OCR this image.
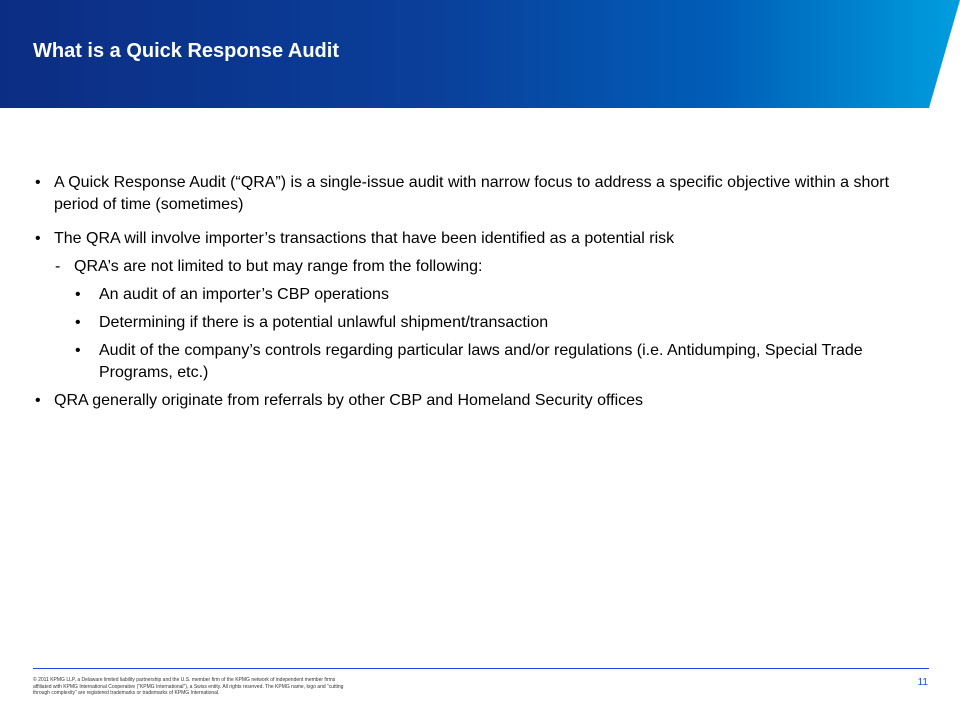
What is a Quick Response Audit
• A Quick Response Audit (“QRA”) is a single-issue audit with narrow focus to address a specific objective within a short period of time (sometimes)
• The QRA will involve importer’s transactions that have been identified as a potential risk
- QRA’s are not limited to but may range from the following:
• An audit of an importer’s CBP operations
• Determining if there is a potential unlawful shipment/transaction
• Audit of the company’s controls regarding particular laws and/or regulations (i.e. Antidumping, Special Trade Programs, etc.)
• QRA generally originate from referrals by other CBP and Homeland Security offices
© 2011 KPMG LLP, a Delaware limited liability partnership and the U.S. member firm of the KPMG network of independent member firms affiliated with KPMG International Cooperative (“KPMG International”), a Swiss entity. All rights reserved. The KPMG name, logo and “cutting through complexity” are registered trademarks or trademarks of KPMG International.
11
